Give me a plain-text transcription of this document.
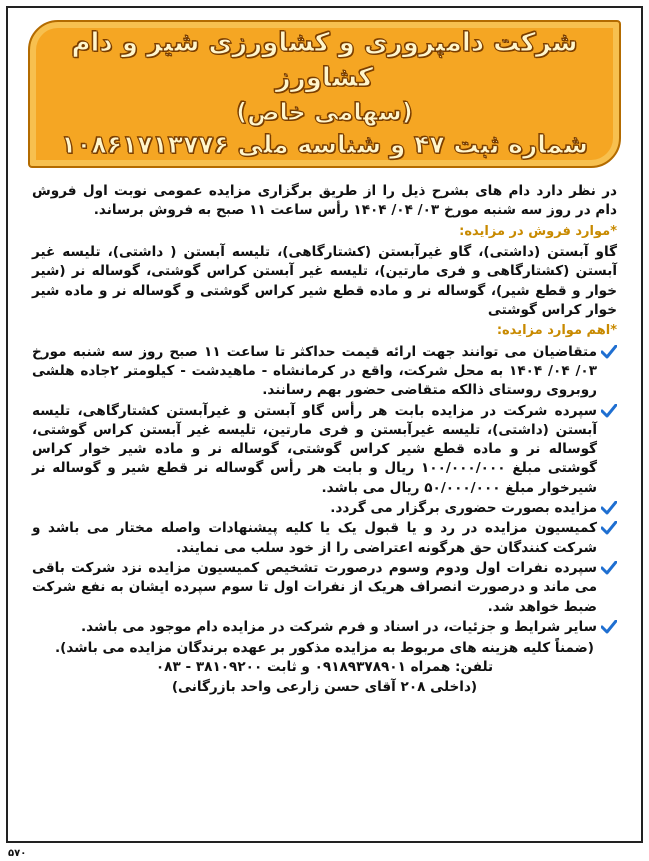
شرکت دامپروری و کشاورزی شیر و دام کشاورز
(سهامی خاص)
شماره ثبت ۴۷ و شناسه ملی ۱۰۸۶۱۷۱۳۷۷۶

در نظر دارد دام های بشرح ذیل را از طریق برگزاری مزایده عمومی نوبت اول فروش دام در روز سه شنبه مورخ ۰۳/ ۰۴/ ۱۴۰۴ رأس ساعت ۱۱ صبح به فروش برساند.

*موارد فروش در مزایده:

گاو آبستن (داشتی)، گاو غیرآبستن (کشتارگاهی)، تلیسه آبستن ( داشتی)، تلیسه غیر آبستن (کشتارگاهی و فری مارتین)، تلیسه غیر آبستن کراس گوشتی، گوساله نر (شیر خوار و قطع شیر)، گوساله نر و ماده قطع شیر کراس گوشتی و گوساله نر و ماده شیر خوار کراس گوشتی

*اهم موارد مزایده:
متقاضیان می توانند جهت ارائه قیمت حداکثر تا ساعت ۱۱ صبح روز سه شنبه مورخ ۰۳/ ۰۴/ ۱۴۰۴ به محل شرکت، واقع در کرمانشاه - ماهیدشت - کیلومتر ۲جاده هلشی روبروی روستای ذالکه متقاضی حضور بهم رسانند.
سپرده شرکت در مزایده بابت هر رأس گاو آبستن و غیرآبستن کشتارگاهی، تلیسه آبستن (داشتی)، تلیسه غیرآبستن و فری مارتین، تلیسه غیر آبستن کراس گوشتی، گوساله نر و ماده قطع شیر کراس گوشتی، گوساله نر و ماده شیر خوار کراس گوشتی مبلغ ۱۰۰/۰۰۰/۰۰۰ ریال و بابت هر رأس گوساله نر قطع شیر و گوساله نر شیرخوار مبلغ ۵۰/۰۰۰/۰۰۰ ریال می باشد.
مزایده بصورت حضوری برگزار می گردد.
کمیسیون مزایده در رد و یا قبول یک یا کلیه پیشنهادات واصله مختار می باشد و شرکت کنندگان حق هرگونه اعتراضی را از خود سلب می نمایند.
سپرده نفرات اول ودوم وسوم درصورت تشخیص کمیسیون مزایده نزد شرکت باقی می ماند و درصورت انصراف هریک از نفرات اول تا سوم سپرده ایشان به نفع شرکت ضبط خواهد شد.
سایر شرایط و جزئیات، در اسناد و فرم شرکت در مزایده دام موجود می باشد.
(ضمناً کلیه هزینه های مربوط به مزایده مذکور بر عهده برندگان مزایده می باشد).
تلفن: همراه ۰۹۱۸۹۳۷۸۹۰۱ و ثابت ۳۸۱۰۹۲۰۰ - ۰۸۳
(داخلی ۲۰۸ آقای حسن زارعی واحد بازرگانی)
۵۷۰
